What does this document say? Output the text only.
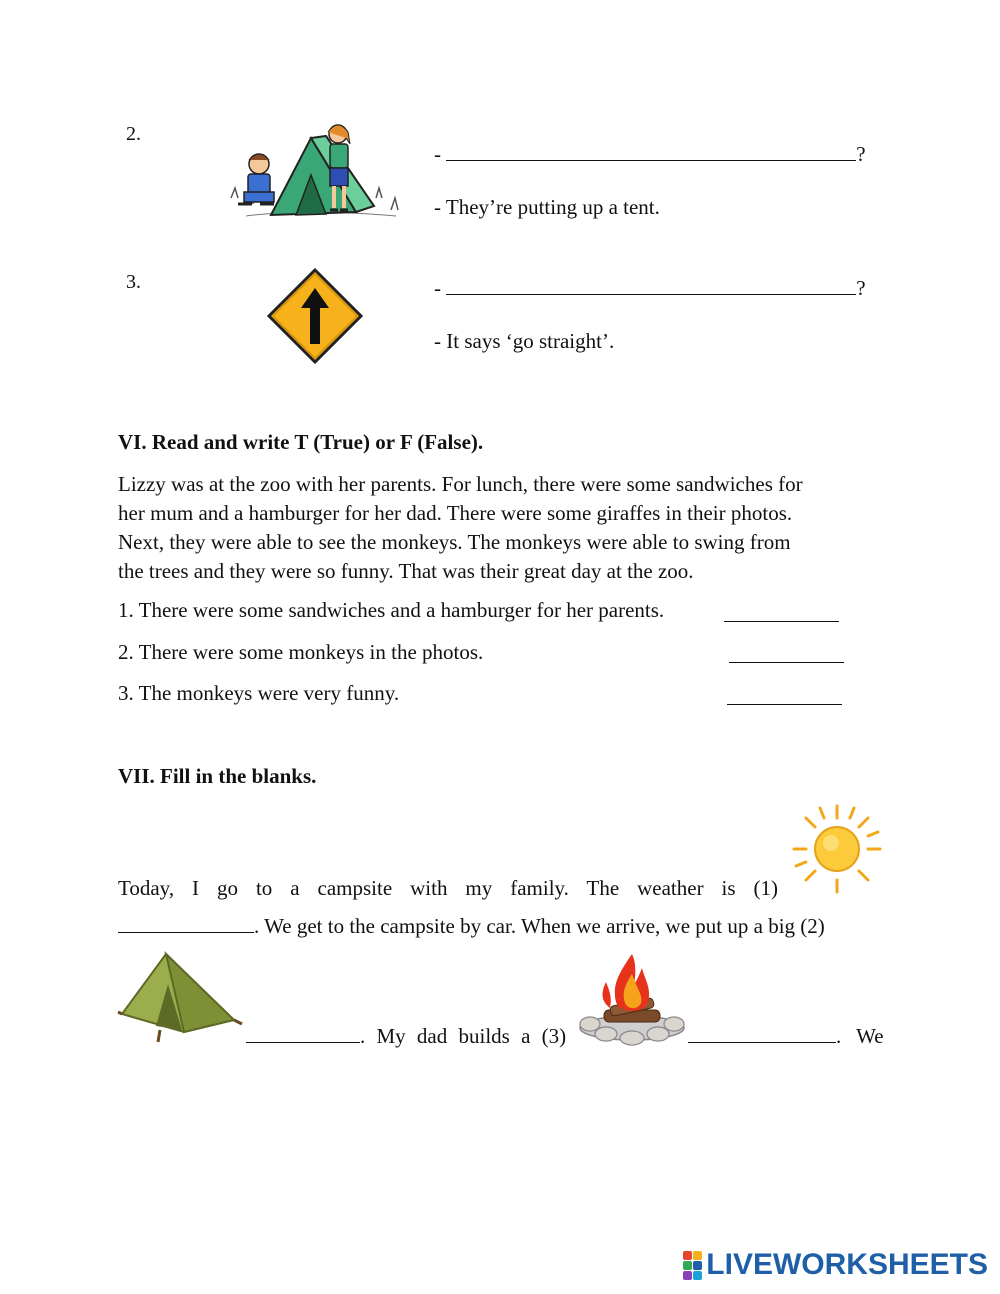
2.
-	?
- They’re putting up a tent.
3.	-	?
- It says ‘go straight’.
VI. Read and write T (True) or F (False).
Lizzy was at the zoo with her parents. For lunch, there were some sandwiches for
her mum and a hamburger for her dad. There were some giraffes in their photos.
Next, they were able to see the monkeys. The monkeys were able to swing from
the trees and they were so funny. That was their great day at the zoo.
1. There were some sandwiches and a hamburger for her parents.
2. There were some monkeys in the photos.
3. The monkeys were very funny.
VII. Fill in the blanks.
Today, I go to a campsite with my family. The weather is (1)
. We get to the campsite by car. When we arrive, we put up a big (2)
. My dad builds a (3)	. We
LIVEWORKSHEETS
